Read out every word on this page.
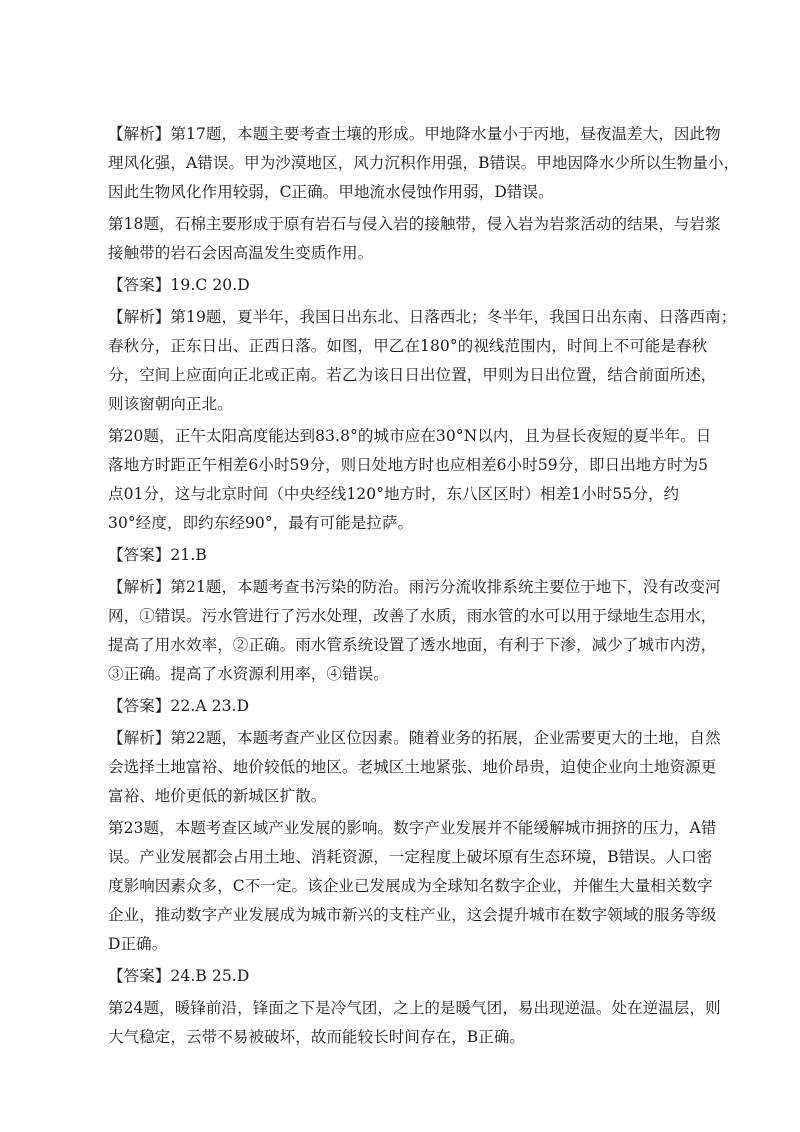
【解析】第17题，本题主要考查土壤的形成。甲地降水量小于丙地，昼夜温差大，因此物
理风化强，A错误。甲为沙漠地区，风力沉积作用强，B错误。甲地因降水少所以生物量小，
因此生物风化作用较弱，C正确。甲地流水侵蚀作用弱，D错误。
第18题，石棉主要形成于原有岩石与侵入岩的接触带，侵入岩为岩浆活动的结果，与岩浆
接触带的岩石会因高温发生变质作用。
【答案】19.C 20.D
【解析】第19题，夏半年，我国日出东北、日落西北；冬半年，我国日出东南、日落西南；
春秋分，正东日出、正西日落。如图，甲乙在180°的视线范围内，时间上不可能是春秋
分，空间上应面向正北或正南。若乙为该日日出位置，甲则为日出位置，结合前面所述，
则该窗朝向正北。
第20题，正午太阳高度能达到83.8°的城市应在30°N以内，且为昼长夜短的夏半年。日
落地方时距正午相差6小时59分，则日处地方时也应相差6小时59分，即日出地方时为5
点01分，这与北京时间（中央经线120°地方时，东八区区时）相差1小时55分，约
30°经度，即约东经90°，最有可能是拉萨。
【答案】21.B
【解析】第21题，本题考查书污染的防治。雨污分流收排系统主要位于地下，没有改变河
网，①错误。污水管进行了污水处理，改善了水质，雨水管的水可以用于绿地生态用水，
提高了用水效率，②正确。雨水管系统设置了透水地面，有利于下渗，减少了城市内涝，
③正确。提高了水资源利用率，④错误。
【答案】22.A 23.D
【解析】第22题，本题考查产业区位因素。随着业务的拓展，企业需要更大的土地，自然
会选择土地富裕、地价较低的地区。老城区土地紧张、地价昂贵，迫使企业向土地资源更
富裕、地价更低的新城区扩散。
第23题，本题考查区域产业发展的影响。数字产业发展并不能缓解城市拥挤的压力，A错
误。产业发展都会占用土地、消耗资源，一定程度上破坏原有生态环境，B错误。人口密
度影响因素众多，C不一定。该企业已发展成为全球知名数字企业，并催生大量相关数字
企业，推动数字产业发展成为城市新兴的支柱产业，这会提升城市在数字领域的服务等级
D正确。
【答案】24.B 25.D
第24题，暖锋前沿，锋面之下是冷气团，之上的是暖气团，易出现逆温。处在逆温层，则
大气稳定，云带不易被破坏，故而能较长时间存在，B正确。
